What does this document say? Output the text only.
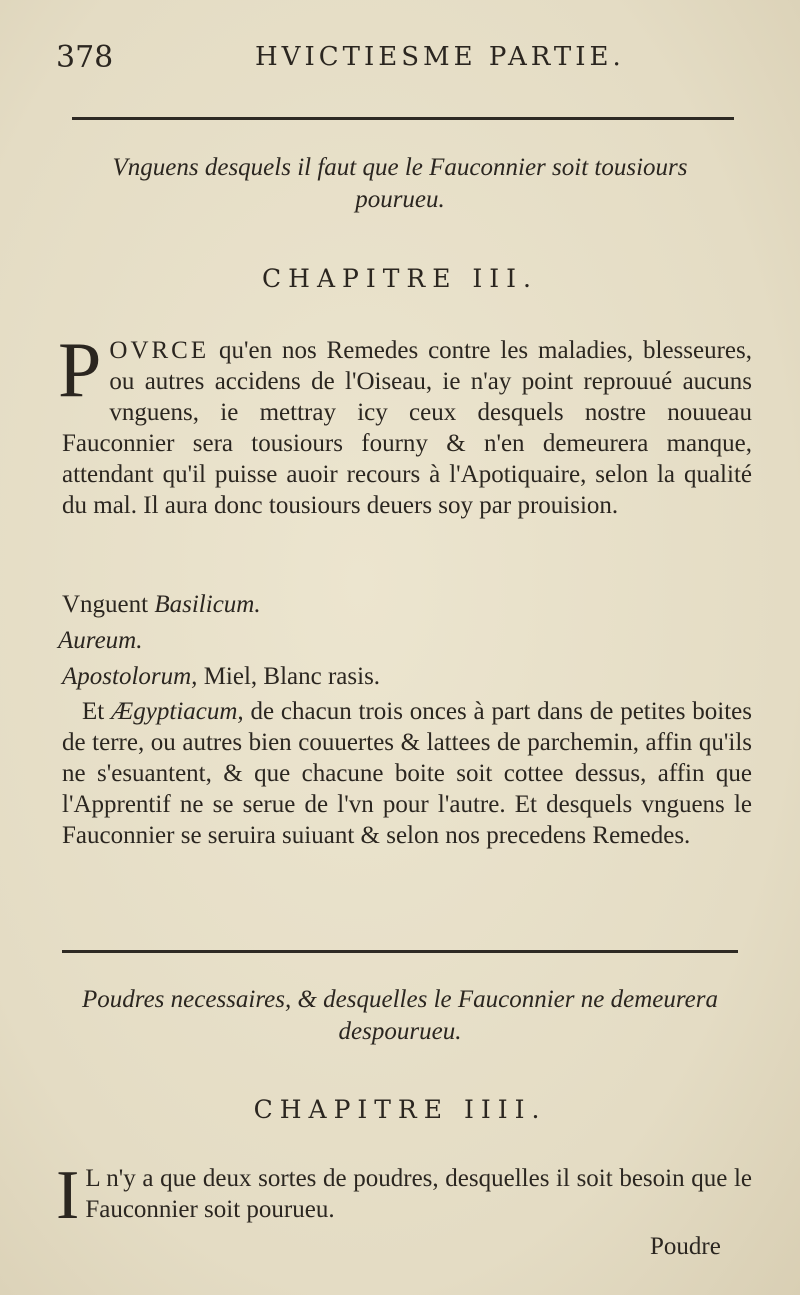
378	HVICTIESME PARTIE.
Vnguens desquels il faut que le Fauconnier soit tousiours
pourueu.
CHAPITRE III.
P OVRCE qu'en nos Remedes contre les maladies, blesseures, ou autres accidens de l'Oiseau, ie n'ay point reprouué aucuns vnguens, ie mettray icy ceux desquels nostre nouueau Fauconnier sera tousiours fourny & n'en demeurera manque, attendant qu'il puisse auoir recours à l'Apotiquaire, selon la qualité du mal. Il aura donc tousiours deuers soy par prouision.
Vnguent Basilicum.
Aureum.
Apostolorum, Miel, Blanc rasis.

Et Ægyptiacum, de chacun trois onces à part dans de petites boites de terre, ou autres bien couuertes & lattees de parchemin, affin qu'ils ne s'esuantent, & que chacune boite soit cottee dessus, affin que l'Apprentif ne se serue de l'vn pour l'autre. Et desquels vnguens le Fauconnier se seruira suiuant & selon nos precedens Remedes.

Poudres necessaires, & desquelles le Fauconnier ne demeurera
despourueu.
CHAPITRE IIII.
I L n'y a que deux sortes de poudres, desquelles il soit besoin que le Fauconnier soit pourueu.
Poudre
